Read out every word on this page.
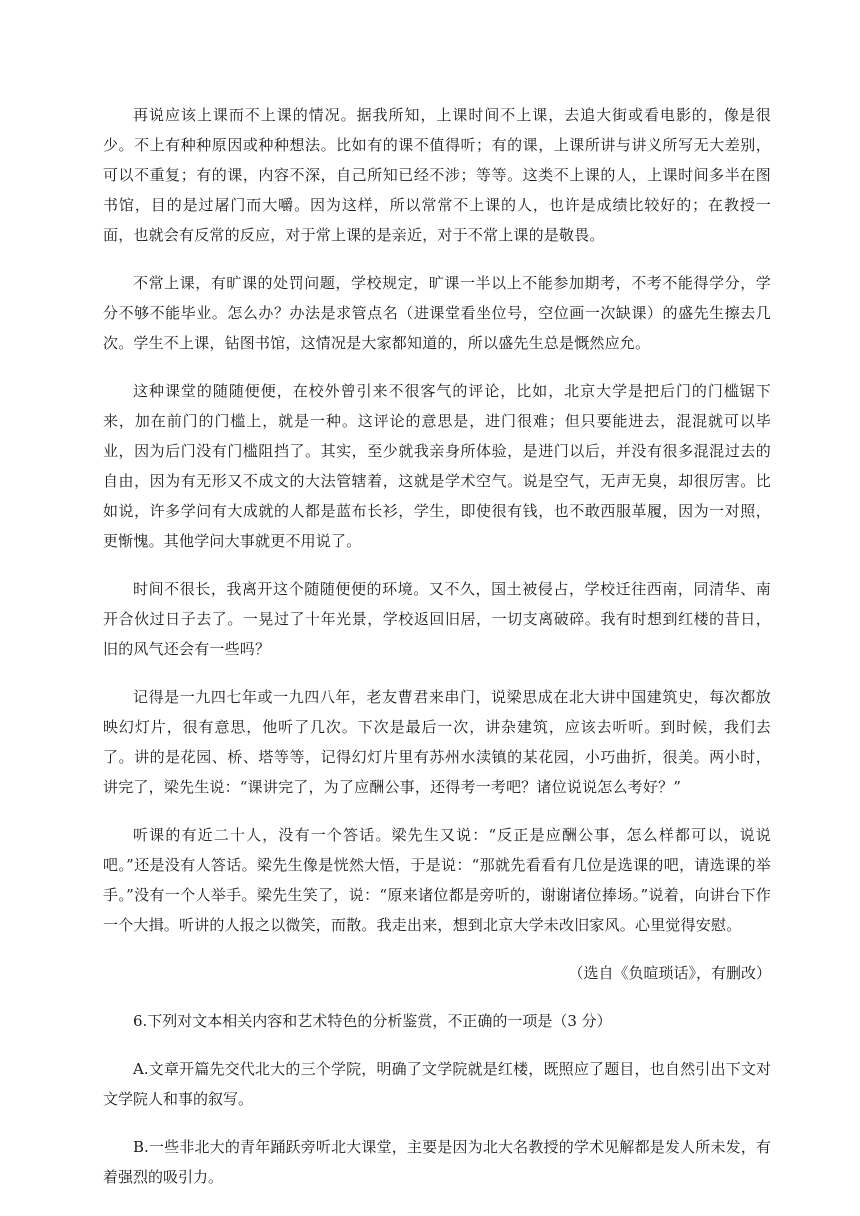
再说应该上课而不上课的情况。据我所知，上课时间不上课，去追大街或看电影的，像是很少。不上有种种原因或种种想法。比如有的课不值得听；有的课，上课所讲与讲义所写无大差别，可以不重复；有的课，内容不深，自己所知已经不涉；等等。这类不上课的人，上课时间多半在图书馆，目的是过屠门而大嚼。因为这样，所以常常不上课的人，也许是成绩比较好的；在教授一面，也就会有反常的反应，对于常上课的是亲近，对于不常上课的是敬畏。

不常上课，有旷课的处罚问题，学校规定，旷课一半以上不能参加期考，不考不能得学分，学分不够不能毕业。怎么办？办法是求管点名（进课堂看坐位号，空位画一次缺课）的盛先生擦去几次。学生不上课，钻图书馆，这情况是大家都知道的，所以盛先生总是慨然应允。

这种课堂的随随便便，在校外曾引来不很客气的评论，比如，北京大学是把后门的门槛锯下来，加在前门的门槛上，就是一种。这评论的意思是，进门很难；但只要能进去，混混就可以毕业，因为后门没有门槛阻挡了。其实，至少就我亲身所体验，是进门以后，并没有很多混混过去的自由，因为有无形又不成文的大法管辖着，这就是学术空气。说是空气，无声无臭，却很厉害。比如说，许多学问有大成就的人都是蓝布长衫，学生，即使很有钱，也不敢西服革履，因为一对照，更惭愧。其他学问大事就更不用说了。

时间不很长，我离开这个随随便便的环境。又不久，国土被侵占，学校迁往西南，同清华、南开合伙过日子去了。一晃过了十年光景，学校返回旧居，一切支离破碎。我有时想到红楼的昔日，旧的风气还会有一些吗？

记得是一九四七年或一九四八年，老友曹君来串门，说梁思成在北大讲中国建筑史，每次都放映幻灯片，很有意思，他听了几次。下次是最后一次，讲杂建筑，应该去听听。到时候，我们去了。讲的是花园、桥、塔等等，记得幻灯片里有苏州水渎镇的某花园，小巧曲折，很美。两小时，讲完了，梁先生说：“课讲完了，为了应酬公事，还得考一考吧？诸位说说怎么考好？”

听课的有近二十人，没有一个答话。梁先生又说：“反正是应酬公事，怎么样都可以，说说吧。”还是没有人答话。梁先生像是恍然大悟，于是说：“那就先看看有几位是选课的吧，请选课的举手。”没有一个人举手。梁先生笑了，说：“原来诸位都是旁听的，谢谢诸位捧场。”说着，向讲台下作一个大揖。听讲的人报之以微笑，而散。我走出来，想到北京大学未改旧家风。心里觉得安慰。

（选自《负暄琐话》，有删改）

6.下列对文本相关内容和艺术特色的分析鉴赏，不正确的一项是（3 分）

A.文章开篇先交代北大的三个学院，明确了文学院就是红楼，既照应了题目，也自然引出下文对文学院人和事的叙写。

B.一些非北大的青年踊跃旁听北大课堂，主要是因为北大名教授的学术见解都是发人所未发，有着强烈的吸引力。
